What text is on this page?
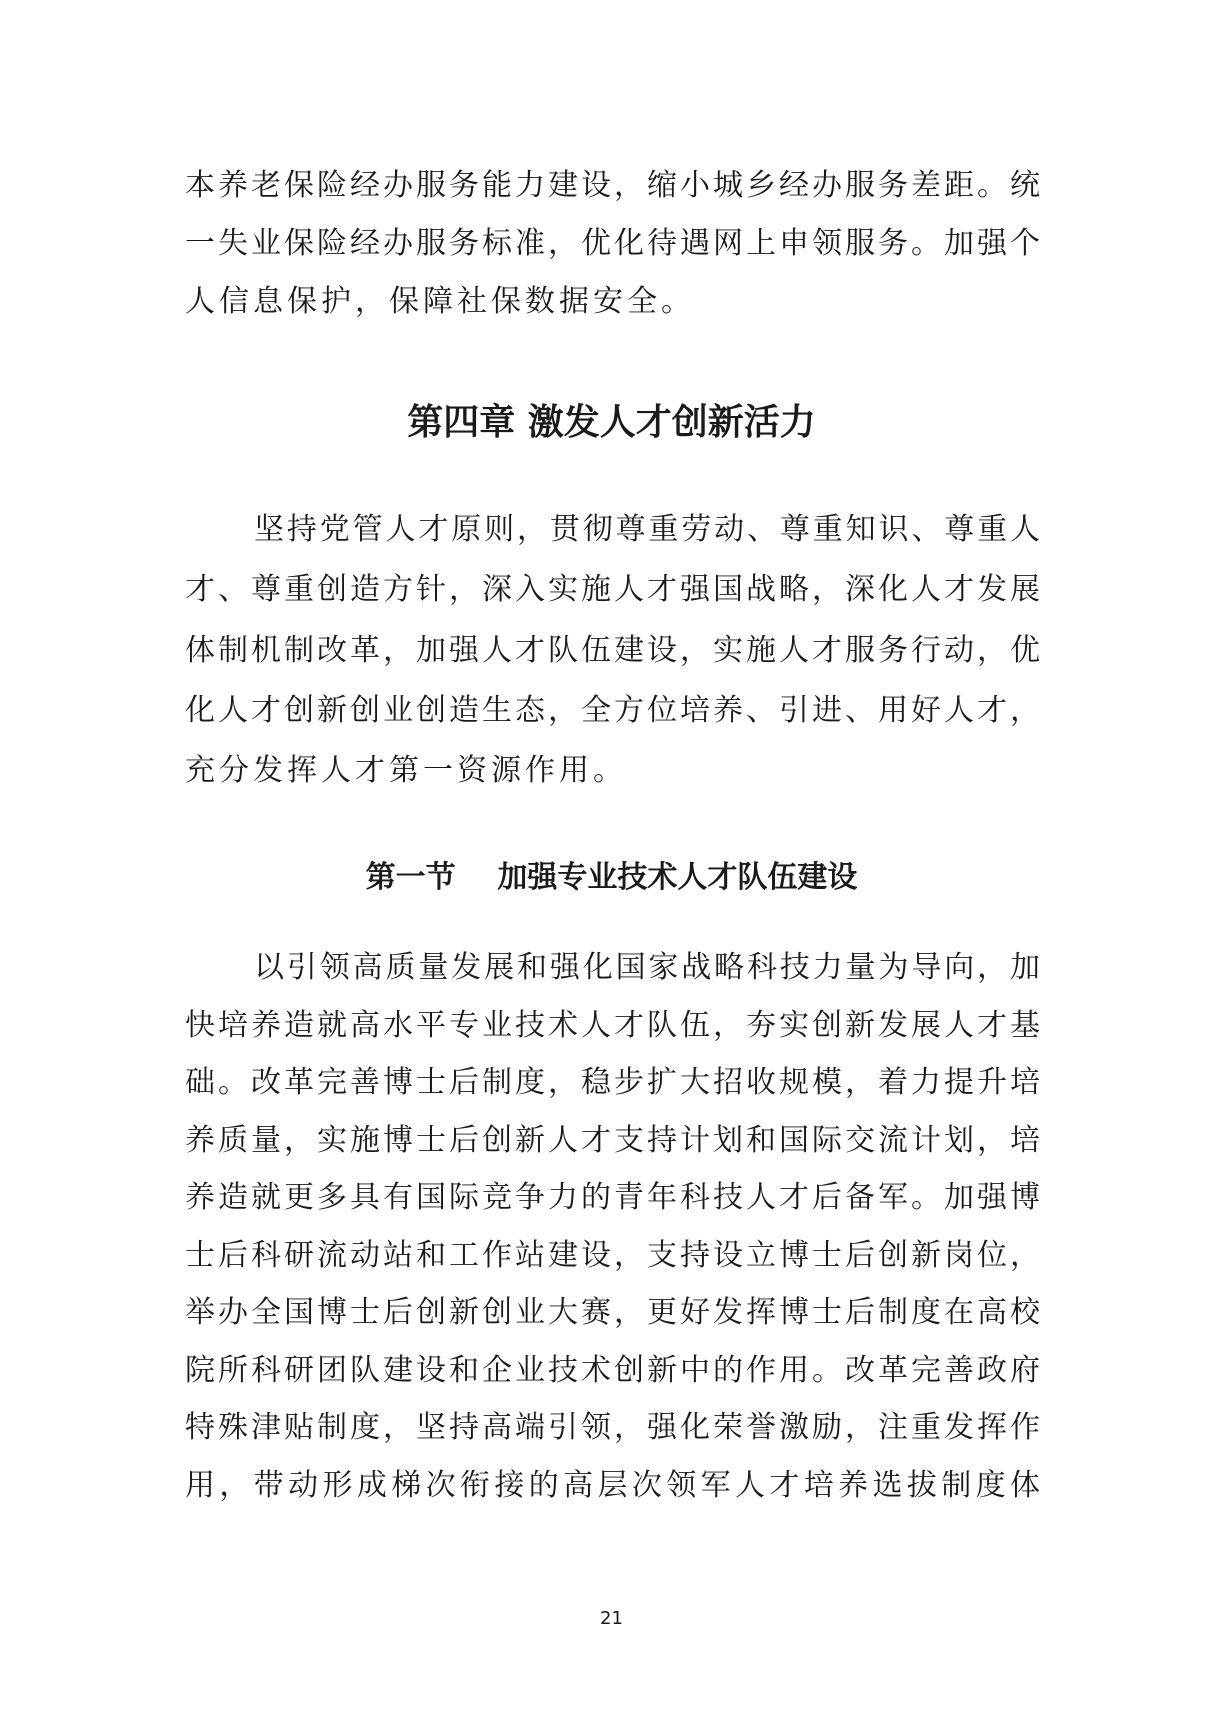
本养老保险经办服务能力建设，缩小城乡经办服务差距。统
一失业保险经办服务标准，优化待遇网上申领服务。加强个
人信息保护，保障社保数据安全。
第四章 激发人才创新活力
坚持党管人才原则，贯彻尊重劳动、尊重知识、尊重人
才、尊重创造方针，深入实施人才强国战略，深化人才发展
体制机制改革，加强人才队伍建设，实施人才服务行动，优
化人才创新创业创造生态，全方位培养、引进、用好人才，
充分发挥人才第一资源作用。
第一节    加强专业技术人才队伍建设
以引领高质量发展和强化国家战略科技力量为导向，加
快培养造就高水平专业技术人才队伍，夯实创新发展人才基
础。改革完善博士后制度，稳步扩大招收规模，着力提升培
养质量，实施博士后创新人才支持计划和国际交流计划，培
养造就更多具有国际竞争力的青年科技人才后备军。加强博
士后科研流动站和工作站建设，支持设立博士后创新岗位，
举办全国博士后创新创业大赛，更好发挥博士后制度在高校
院所科研团队建设和企业技术创新中的作用。改革完善政府
特殊津贴制度，坚持高端引领，强化荣誉激励，注重发挥作
用，带动形成梯次衔接的高层次领军人才培养选拔制度体
21
